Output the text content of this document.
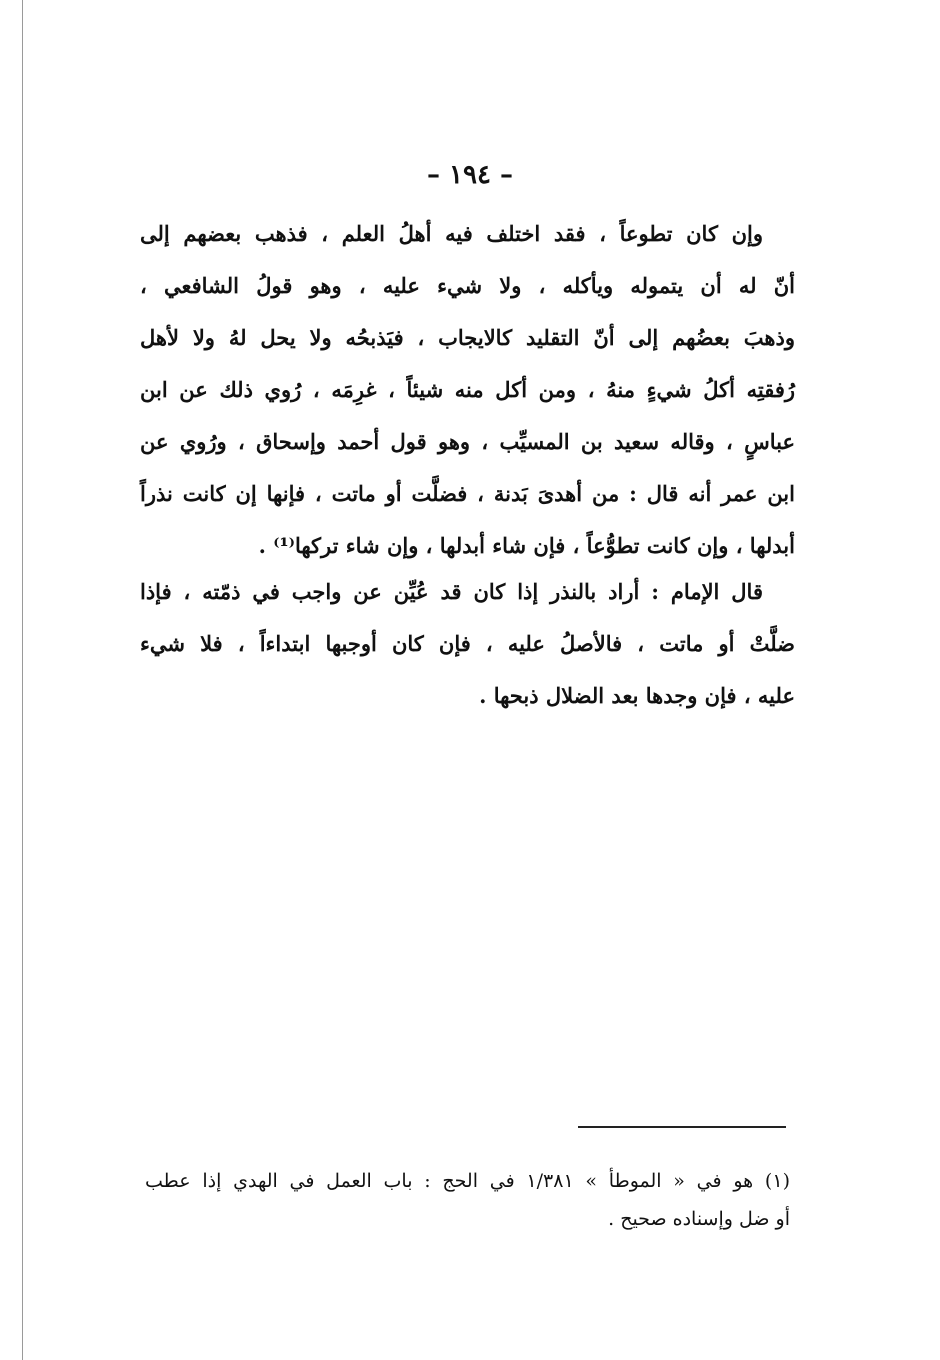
– ١٩٤ –
وإن كان تطوعاً ، فقد اختلف فيه أهلُ العلم ، فذهب بعضهم إلى
أنّ له أن يتموله ويأكله ، ولا شيء عليه ، وهو قولُ الشافعي ،
وذهبَ بعضُهم إلى أنّ التقليد كالايجاب ، فيَذبحُه ولا يحل لهُ ولا لأهل
رُفقتِه أكلُ شيءٍ منهُ ، ومن أكل منه شيئاً ، غرِمَه ، رُوي ذلك عن ابن
عباسٍ ، وقاله سعيد بن المسيِّب ، وهو قول أحمد وإسحاق ، ورُوي عن
ابن عمر أنه قال : من أهدىَ بَدنة ، فضلَّت أو ماتت ، فإنها إن كانت نذراً
أبدلها ، وإن كانت تطوُّعاً ، فإن شاء أبدلها ، وإن شاء تركها⁽¹⁾ .
قال الإمام : أراد بالنذر إذا كان قد عُيِّن عن واجب في ذمّته ، فإذا
ضلَّتْ أو ماتت ، فالأصلُ عليه ، فإن كان أوجبها ابتداءاً ، فلا شيء
عليه ، فإن وجدها بعد الضلال ذبحها .
(١) هو في « الموطأ » ١/٣٨١ في الحج : باب العمل في الهدي إذا عطب
أو ضل وإسناده صحيح .
